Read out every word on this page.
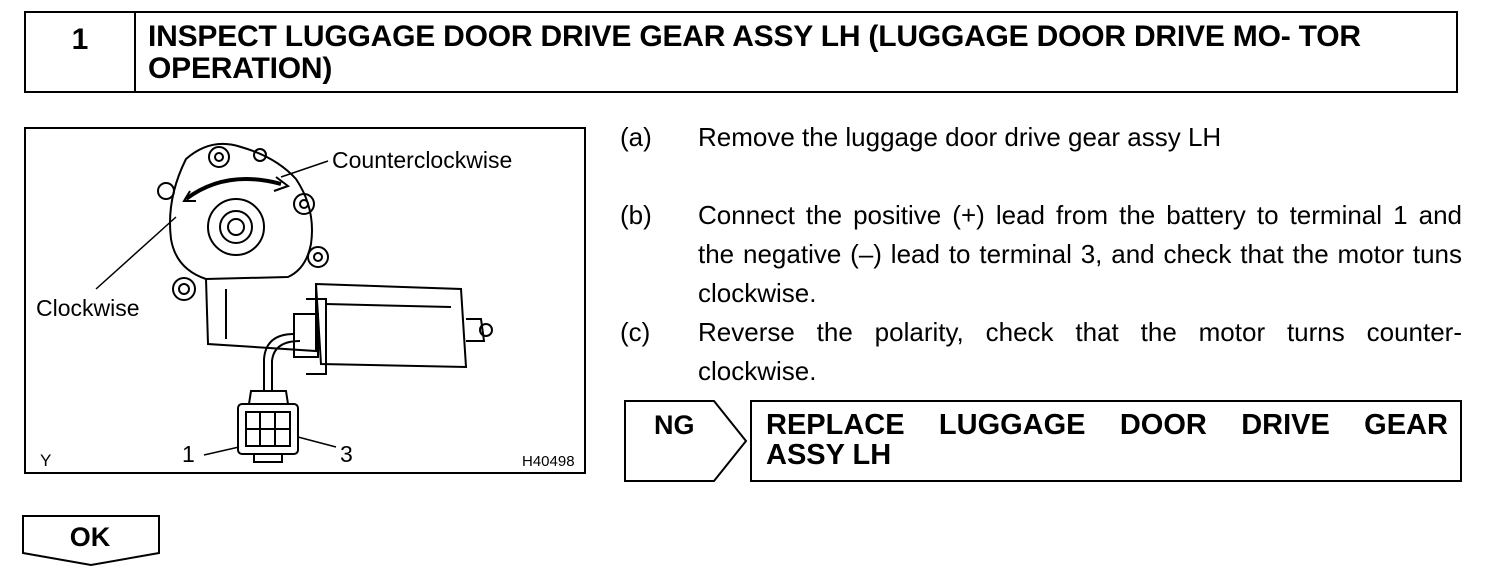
1	INSPECT LUGGAGE DOOR DRIVE GEAR ASSY LH (LUGGAGE DOOR DRIVE MO- TOR OPERATION)
Counterclockwise
Clockwise
1	3
Y	H40498
(a)	Remove the luggage door drive gear assy LH
(b)	Connect the positive (+) lead from the battery to terminal 1 and the negative (–) lead to terminal 3, and check that the motor tuns clockwise.
(c)	Reverse the polarity, check that the motor turns counter- clockwise.
NG REPLACE LUGGAGE DOOR DRIVE GEAR
ASSY LH
OK
